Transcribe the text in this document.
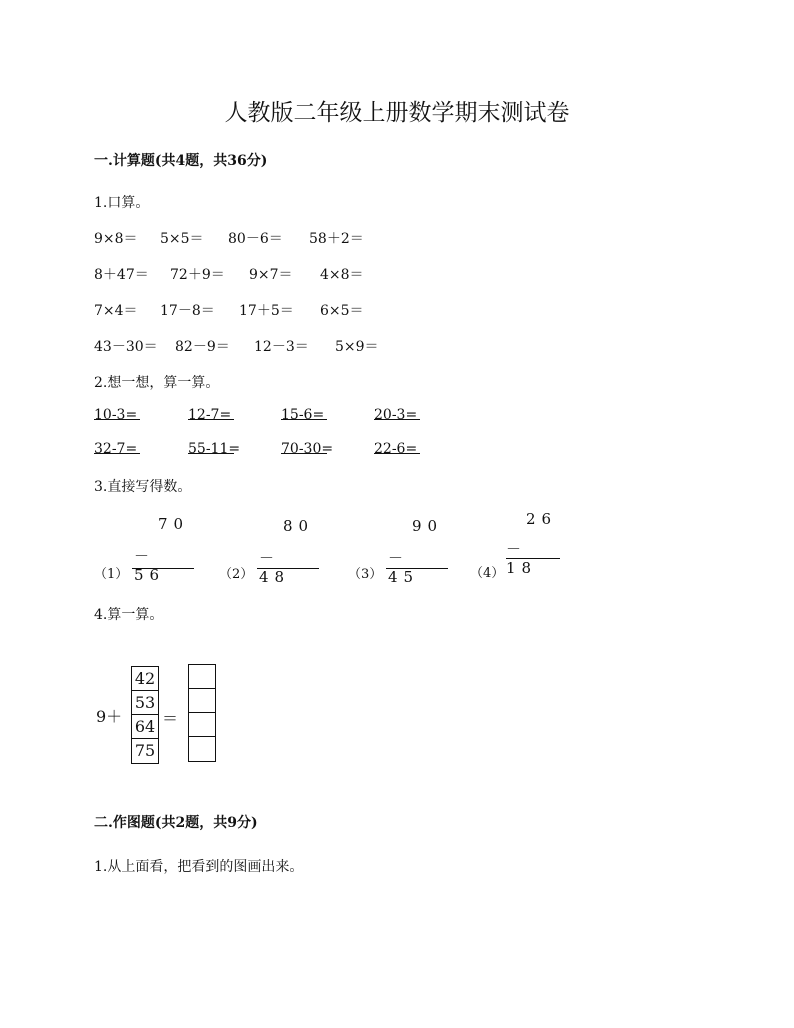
人教版二年级上册数学期末测试卷
一.计算题(共4题，共36分)
1.口算。
9×8＝ 5×5＝ 80－6＝ 58＋2＝
8＋47＝ 72＋9＝ 9×7＝ 4×8＝
7×4＝ 17－8＝ 17＋5＝ 6×5＝
43－30＝ 82－9＝ 12－3＝ 5×9＝
2.想一想，算一算。
10-3=	12-7=	15-6=	20-3=
32-7=	55-11=	70-30=	22-6=
3.直接写得数。
70
－56
（1）
80
－48
（2）
90
－45
（3）
26
－18
（4）
4.算一算。
9＋
42
53
64
75
＝
二.作图题(共2题，共9分)
1.从上面看，把看到的图画出来。
